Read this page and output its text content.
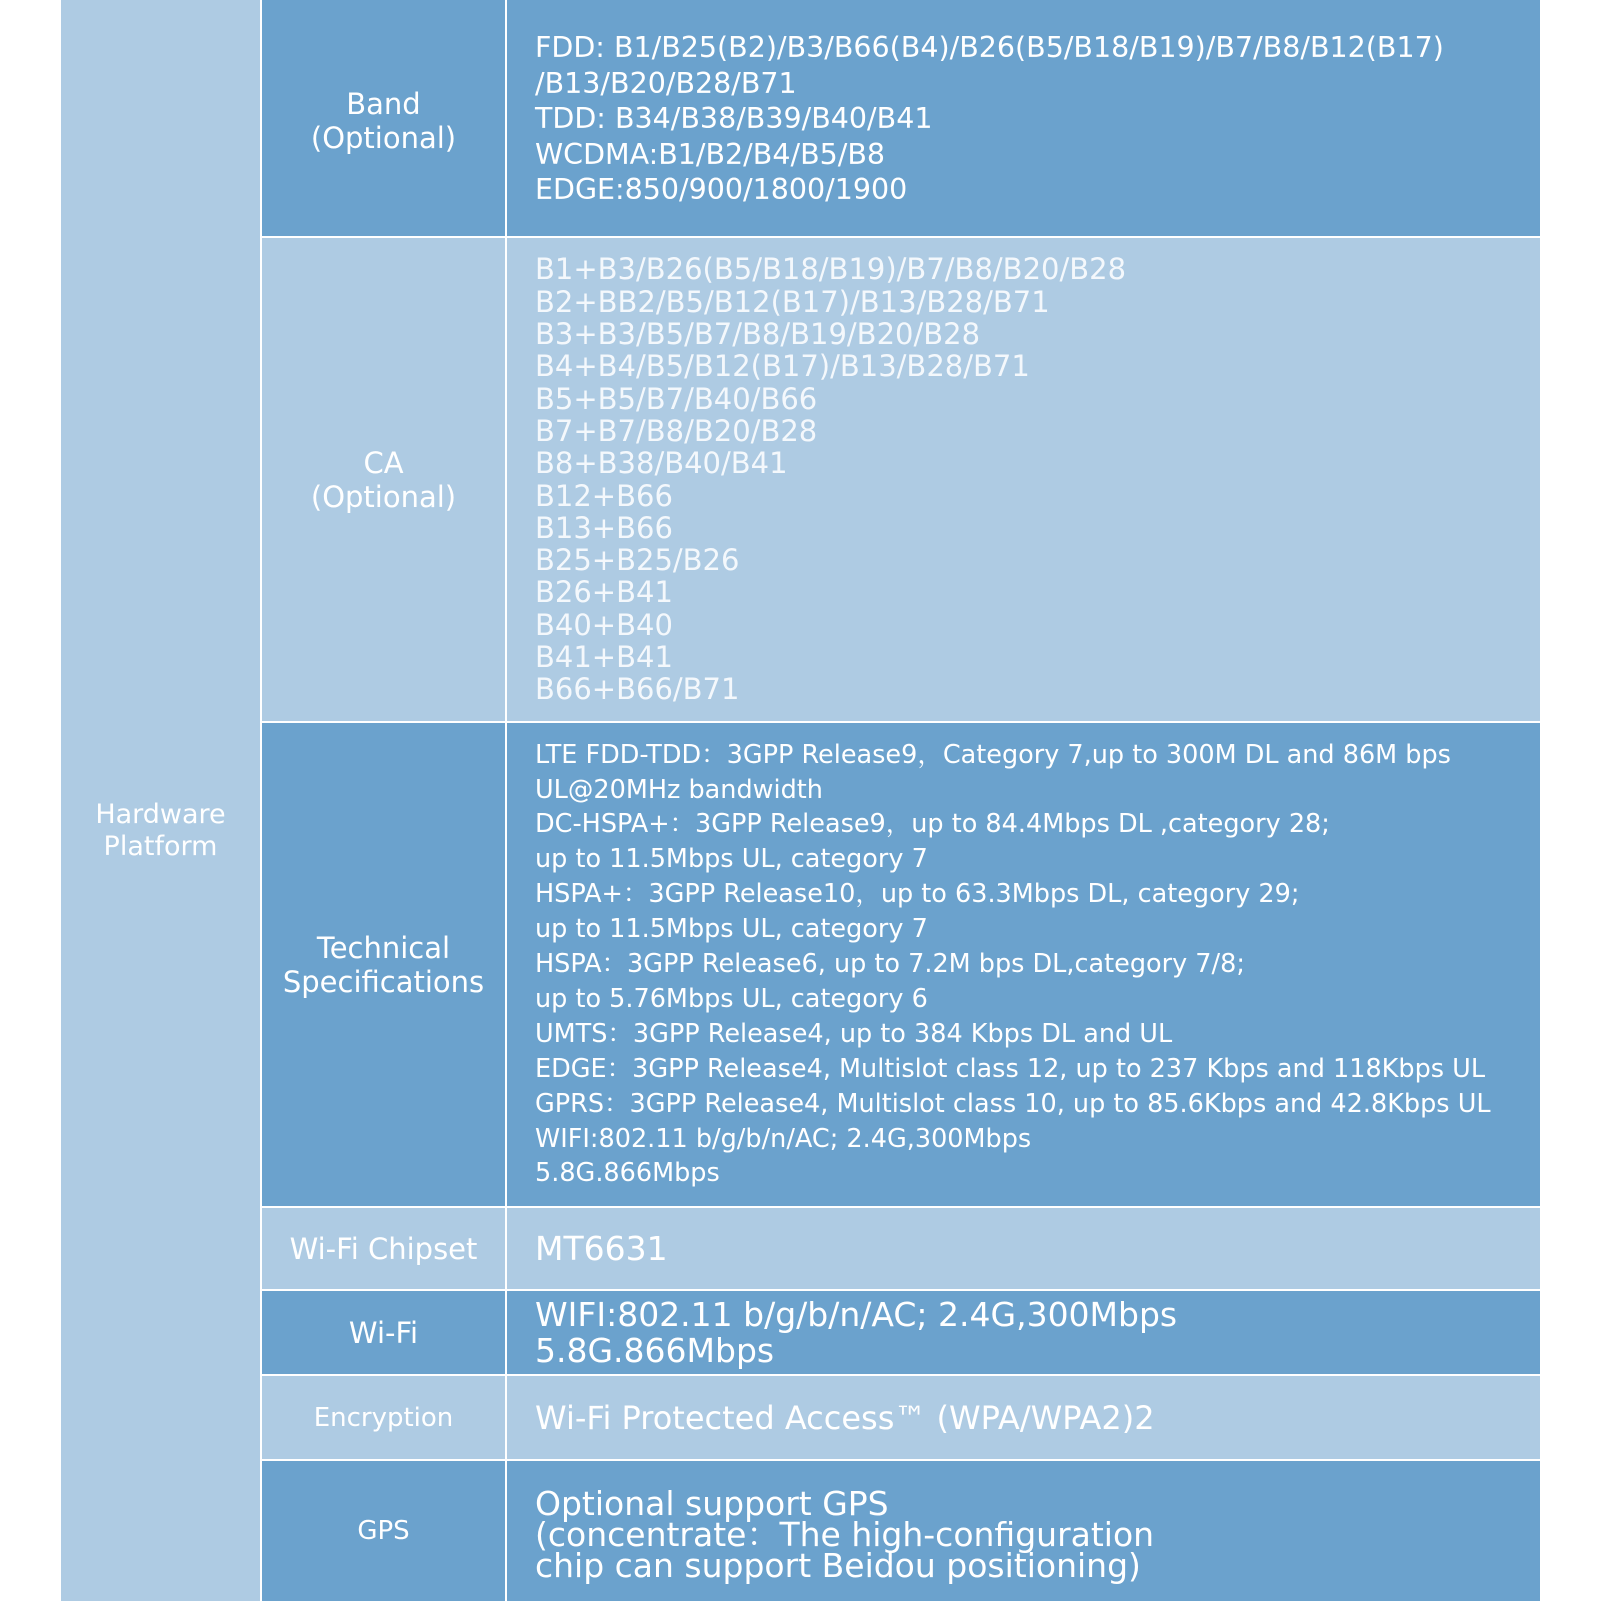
Hardware
Platform
Band
(Optional)
FDD: B1/B25(B2)/B3/B66(B4)/B26(B5/B18/B19)/B7/B8/B12(B17)
/B13/B20/B28/B71
TDD: B34/B38/B39/B40/B41
WCDMA:B1/B2/B4/B5/B8
EDGE:850/900/1800/1900
CA
(Optional)
B1+B3/B26(B5/B18/B19)/B7/B8/B20/B28
B2+BB2/B5/B12(B17)/B13/B28/B71
B3+B3/B5/B7/B8/B19/B20/B28
B4+B4/B5/B12(B17)/B13/B28/B71
B5+B5/B7/B40/B66
B7+B7/B8/B20/B28
B8+B38/B40/B41
B12+B66
B13+B66
B25+B25/B26
B26+B41
B40+B40
B41+B41
B66+B66/B71
Technical
Specifications
LTE FDD-TDD：3GPP Release9，Category 7,up to 300M DL and 86M bps
UL@20MHz bandwidth
DC-HSPA+：3GPP Release9，up to 84.4Mbps DL ,category 28;
up to 11.5Mbps UL, category 7
HSPA+：3GPP Release10，up to 63.3Mbps DL, category 29;
up to 11.5Mbps UL, category 7
HSPA：3GPP Release6, up to 7.2M bps DL,category 7/8;
up to 5.76Mbps UL, category 6
UMTS：3GPP Release4, up to 384 Kbps DL and UL
EDGE：3GPP Release4, Multislot class 12, up to 237 Kbps and 118Kbps UL
GPRS：3GPP Release4, Multislot class 10, up to 85.6Kbps and 42.8Kbps UL
WIFI:802.11 b/g/b/n/AC; 2.4G,300Mbps
5.8G.866Mbps
Wi-Fi Chipset MT6631
Wi-Fi	WIFI:802.11 b/g/b/n/AC; 2.4G,300Mbps
5.8G.866Mbps
Encryption	Wi-Fi Protected Access™ (WPA/WPA2)2
GPS
Optional support GPS
(concentrate：The high-configuration
chip can support Beidou positioning)
